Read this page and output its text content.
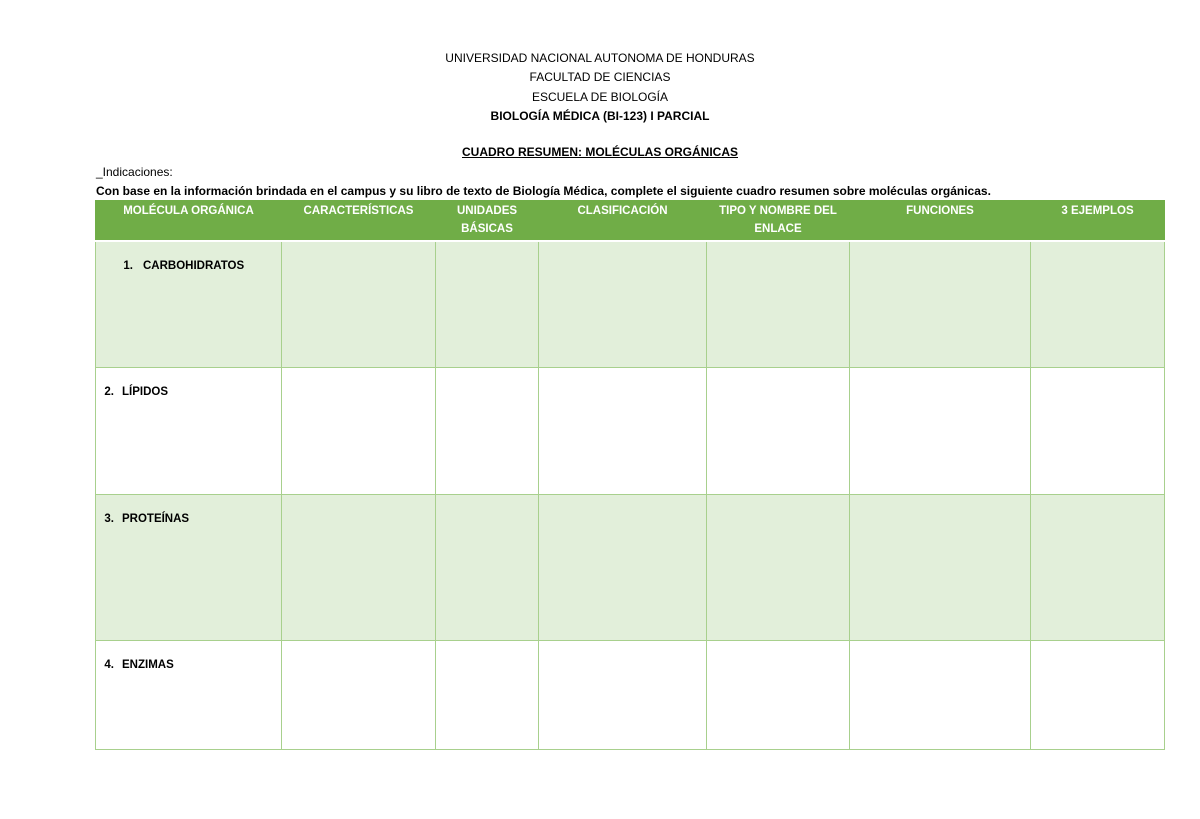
UNIVERSIDAD NACIONAL AUTONOMA DE HONDURAS
FACULTAD DE CIENCIAS
ESCUELA DE BIOLOGÍA
BIOLOGÍA MÉDICA (BI-123) I PARCIAL
CUADRO RESUMEN: MOLÉCULAS ORGÁNICAS
_Indicaciones:
Con base en la información brindada en el campus y su libro de texto de Biología Médica, complete el siguiente cuadro resumen sobre moléculas orgánicas.
MOLÉCULA ORGÁNICA	CARACTERÍSTICAS	UNIDADES BÁSICAS	CLASIFICACIÓN	TIPO Y NOMBRE DEL ENLACE	FUNCIONES	3 EJEMPLOS
1. CARBOHIDRATOS						
2. LÍPIDOS						
3. PROTEÍNAS						
4. ENZIMAS						
